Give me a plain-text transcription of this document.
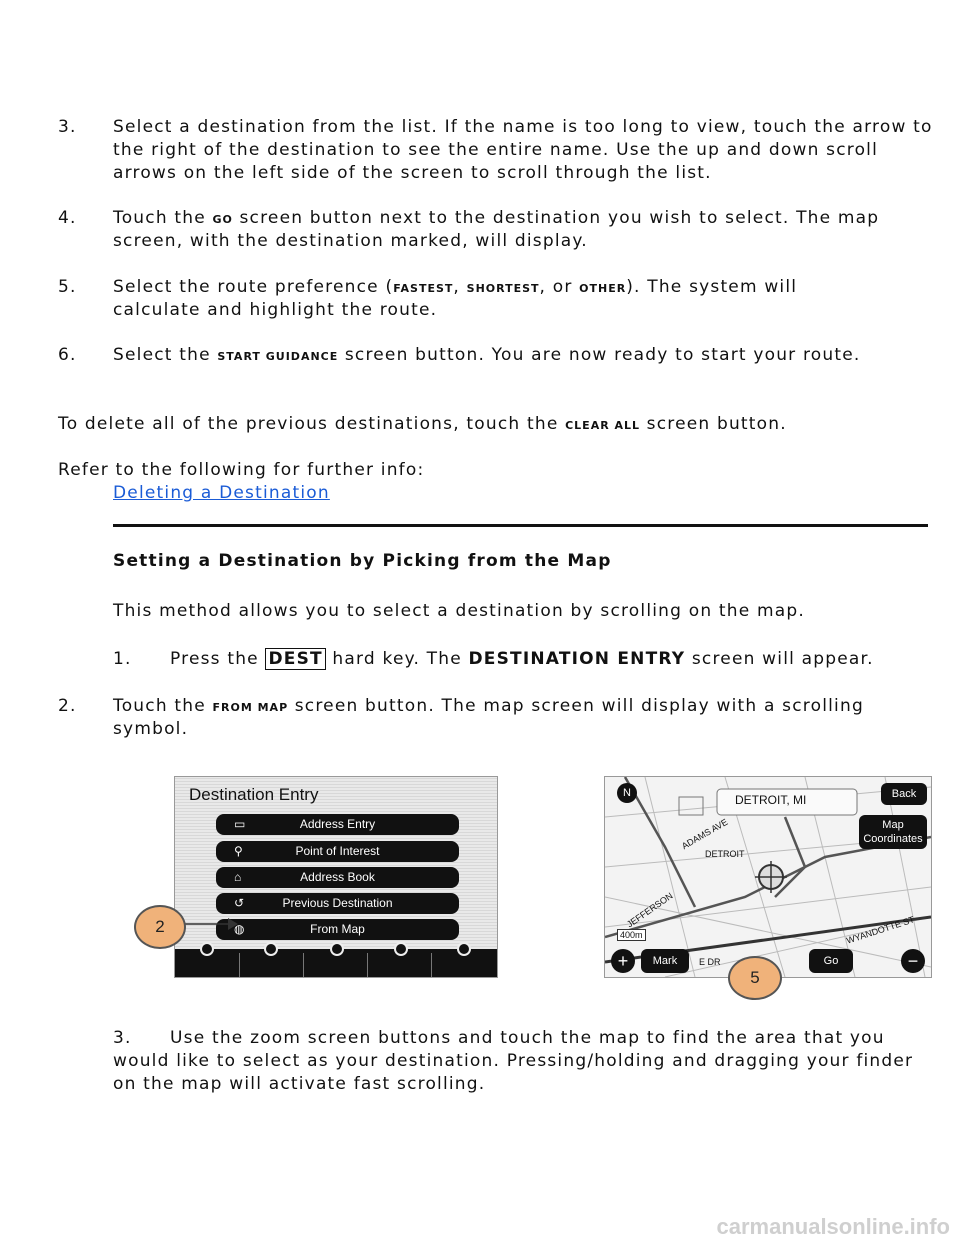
3. Select a destination from the list. If the name is too long to view, touch the arrow to
the right of the destination to see the entire name. Use the up and down scroll
arrows on the left side of the screen to scroll through the list.
4. Touch the GO screen button next to the destination you wish to select. The map
screen, with the destination marked, will display.
5. Select the route preference (FASTEST, SHORTEST, or OTHER). The system will
calculate and highlight the route.
6. Select the START GUIDANCE screen button. You are now ready to start your route.
To delete all of the previous destinations, touch the CLEAR ALL screen button.
Refer to the following for further info:
Deleting a Destination
Setting a Destination by Picking from the Map
This method allows you to select a destination by scrolling on the map.
1. Press the DEST hard key. The DESTINATION ENTRY screen will appear.
2. Touch the FROM MAP screen button. The map screen will display with a scrolling
symbol.
Destination Entry
▭	Address Entry
⚲	Point of Interest
⌂	Address Book
↺	Previous Destination
◍	From Map
2
DETROIT, MI
ADAMS AVE
DETROIT
JEFFERSON
WYANDOTTE ST
E DR
400m
N	Back
Map
Coordinates
+	Mark	Go	−
5
3. Use the zoom screen buttons and touch the map to find the area that you
would like to select as your destination. Pressing/holding and dragging your finder
on the map will activate fast scrolling.
carmanualsonline.info
